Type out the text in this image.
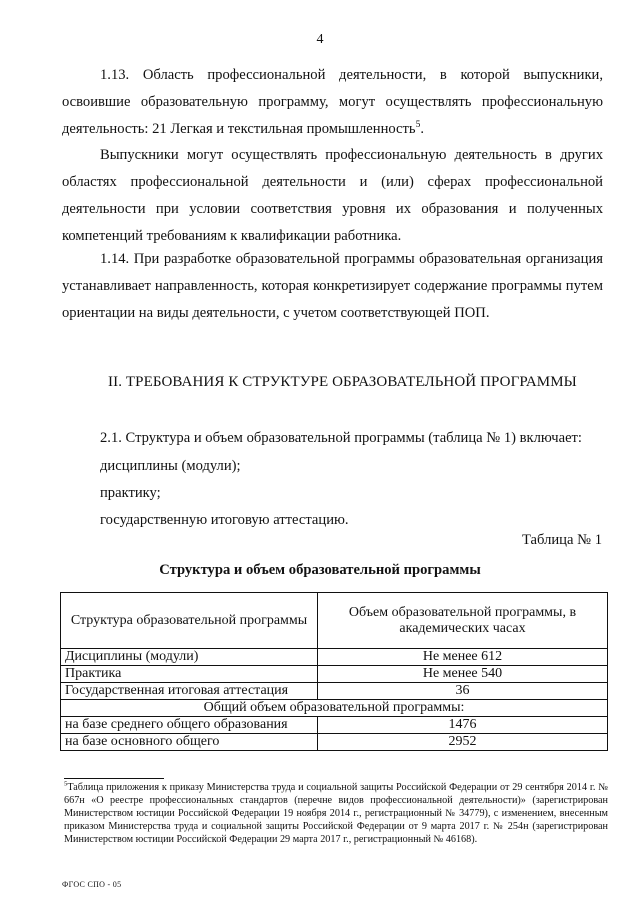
4

1.13. Область профессиональной деятельности, в которой выпускники, освоившие образовательную программу, могут осуществлять профессиональную деятельность: 21 Легкая и текстильная промышленность$^5$.

Выпускники могут осуществлять профессиональную деятельность в других областях профессиональной деятельности и (или) сферах профессиональной деятельности при условии соответствия уровня их образования и полученных компетенций требованиям к квалификации работника.

1.14. При разработке образовательной программы образовательная организация устанавливает направленность, которая конкретизирует содержание программы путем ориентации на виды деятельности, с учетом соответствующей ПОП.

II. ТРЕБОВАНИЯ К СТРУКТУРЕ ОБРАЗОВАТЕЛЬНОЙ ПРОГРАММЫ
2.1. Структура и объем образовательной программы (таблица № 1) включает:
дисциплины (модули);
практику;
государственную итоговую аттестацию.
Таблица № 1
Структура и объем образовательной программы
Структура образовательной программы	Объем образовательной программы, в академических часах
Дисциплины (модули)	Не менее 612
Практика	Не менее 540
Государственная итоговая аттестация	36
Общий объем образовательной программы:	
на базе среднего общего образования	1476
на базе основного общего	2952
$^5$Таблица приложения к приказу Министерства труда и социальной защиты Российской Федерации от 29 сентября 2014 г. № 667н «О реестре профессиональных стандартов (перечне видов профессиональной деятельности)» (зарегистрирован Министерством юстиции Российской Федерации 19 ноября 2014 г., регистрационный № 34779), с изменением, внесенным приказом Министерства труда и социальной защиты Российской Федерации от 9 марта 2017 г. № 254н (зарегистрирован Министерством юстиции Российской Федерации 29 марта 2017 г., регистрационный № 46168).
ФГОС СПО - 05
